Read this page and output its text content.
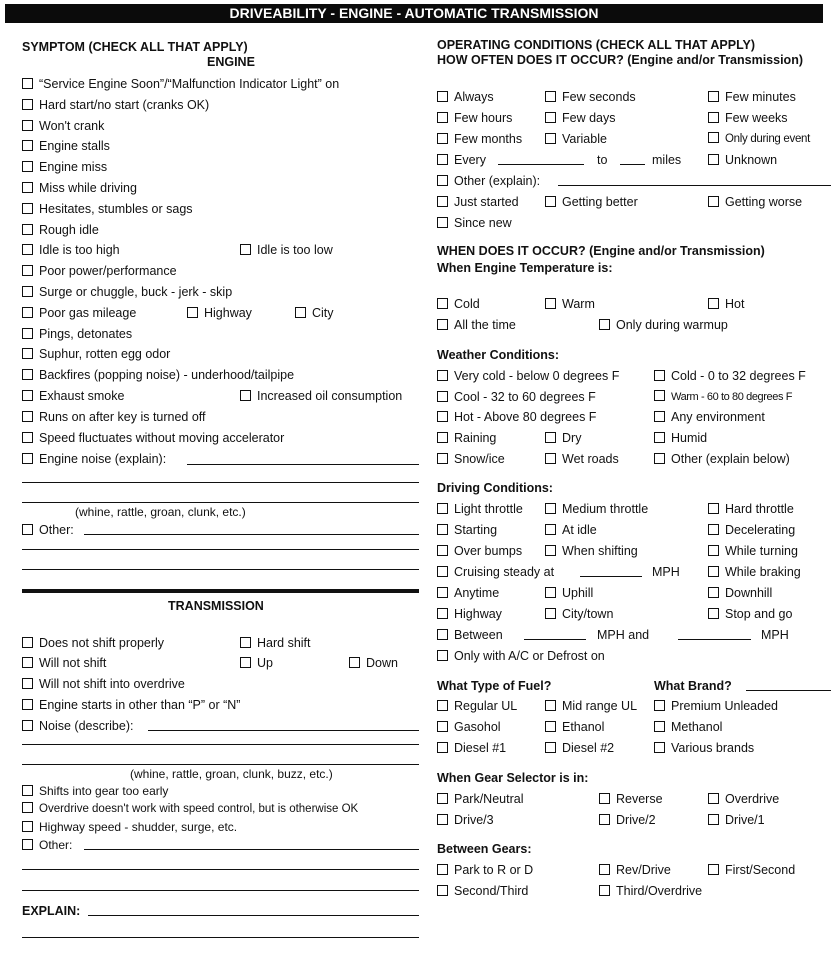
DRIVEABILITY - ENGINE - AUTOMATIC TRANSMISSION
SYMPTOM (CHECK ALL THAT APPLY)
ENGINE
“Service Engine Soon”/“Malfunction Indicator Light” on
Hard start/no start (cranks OK)
Won't crank
Engine stalls
Engine miss
Miss while driving
Hesitates, stumbles or sags
Rough idle
Idle is too high	Idle is too low
Poor power/performance
Surge or chuggle, buck - jerk - skip
Poor gas mileage	Highway	City
Pings, detonates
Suphur, rotten egg odor
Backfires (popping noise) - underhood/tailpipe
Exhaust smoke	Increased oil consumption
Runs on after key is turned off
Speed fluctuates without moving accelerator
Engine noise (explain):
(whine, rattle, groan, clunk, etc.)
Other:
TRANSMISSION
Does not shift properly	Hard shift
Will not shift	Up	Down
Will not shift into overdrive
Engine starts in other than “P” or “N”
Noise (describe):
(whine, rattle, groan, clunk, buzz, etc.)
Shifts into gear too early
Overdrive doesn't work with speed control, but is otherwise OK
Highway speed - shudder, surge, etc.
Other:
EXPLAIN:
OPERATING CONDITIONS (CHECK ALL THAT APPLY)
HOW OFTEN DOES IT OCCUR? (Engine and/or Transmission)
Always	Few seconds	Few minutes
Few hours	Few days	Few weeks
Few months	Variable	Only during event
Every	to	miles	Unknown
Other (explain):
Just started	Getting better	Getting worse
Since new
WHEN DOES IT OCCUR? (Engine and/or Transmission)
When Engine Temperature is:
Cold	Warm	Hot
All the time	Only during warmup
Weather Conditions:
Very cold - below 0 degrees F	Cold - 0 to 32 degrees F
Cool - 32 to 60 degrees F	Warm - 60 to 80 degrees F
Hot - Above 80 degrees F	Any environment
Raining	Dry	Humid
Snow/ice	Wet roads	Other (explain below)
Driving Conditions:
Light throttle	Medium throttle	Hard throttle
Starting	At idle	Decelerating
Over bumps	When shifting	While turning
Cruising steady at	MPH	While braking
Anytime	Uphill	Downhill
Highway	City/town	Stop and go
Between	MPH and	MPH
Only with A/C or Defrost on
What Type of Fuel?	What Brand?
Regular UL	Mid range UL	Premium Unleaded
Gasohol	Ethanol	Methanol
Diesel #1	Diesel #2	Various brands
When Gear Selector is in:
Park/Neutral	Reverse	Overdrive
Drive/3	Drive/2	Drive/1
Between Gears:
Park to R or D	Rev/Drive	First/Second
Second/Third	Third/Overdrive
